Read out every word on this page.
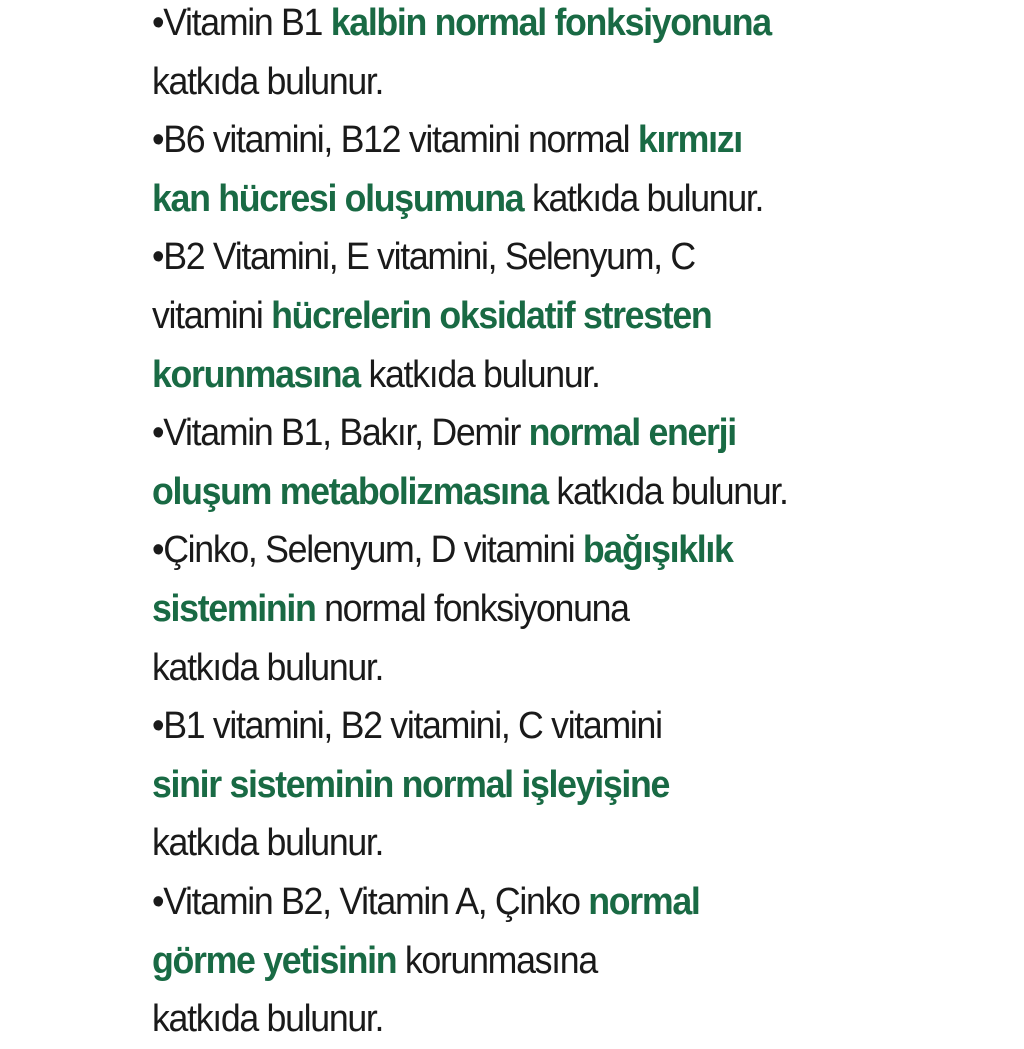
•Vitamin B1 kalbin normal fonksiyonuna
katkıda bulunur.
•B6 vitamini, B12 vitamini normal kırmızı
kan hücresi oluşumuna katkıda bulunur.
•B2 Vitamini, E vitamini, Selenyum, C
vitamini hücrelerin oksidatif stresten
korunmasına katkıda bulunur.
•Vitamin B1, Bakır, Demir normal enerji
oluşum metabolizmasına katkıda bulunur.
•Çinko, Selenyum, D vitamini bağışıklık
sisteminin normal fonksiyonuna
katkıda bulunur.
•B1 vitamini, B2 vitamini, C vitamini
sinir sisteminin normal işleyişine
katkıda bulunur.
•Vitamin B2, Vitamin A, Çinko normal
görme yetisinin korunmasına
katkıda bulunur.
